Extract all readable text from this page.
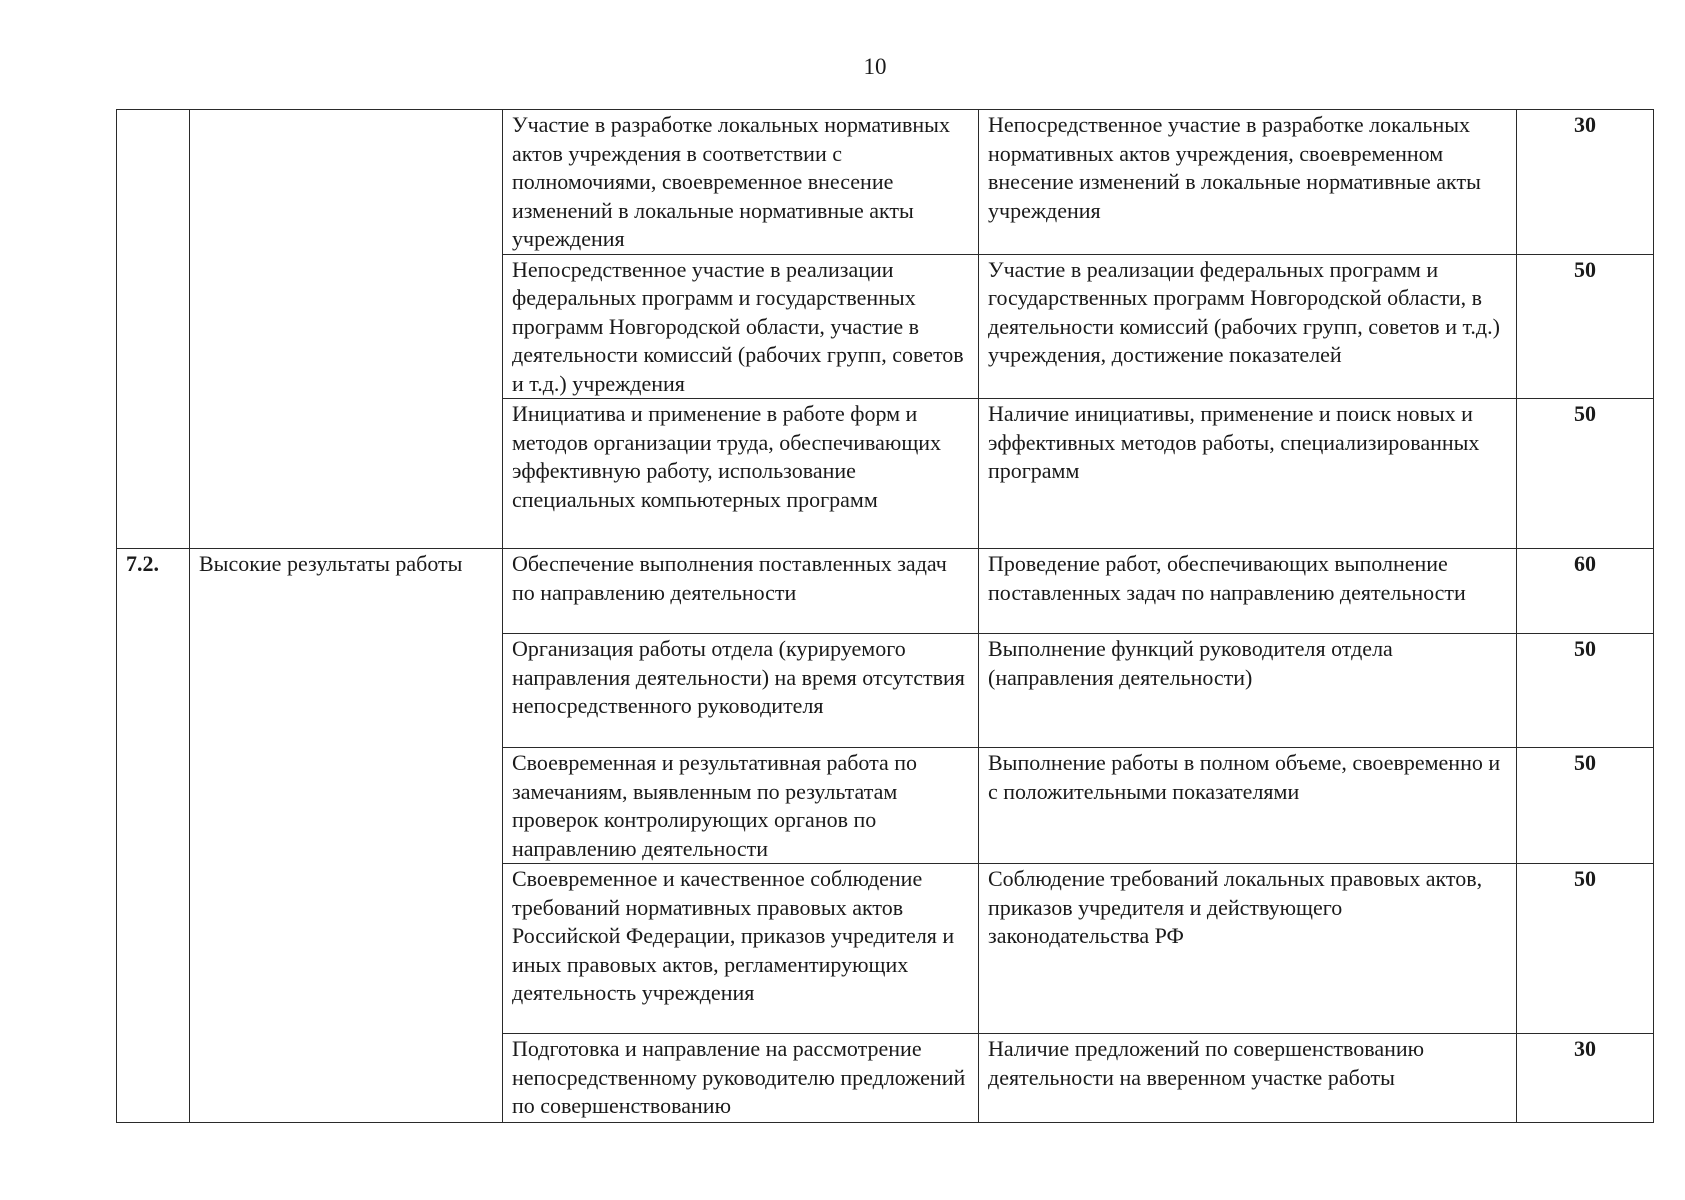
10
		Участие в разработке локальных нормативных актов учреждения в соответствии с полномочиями, своевременное внесение изменений в локальные нормативные акты учреждения	Непосредственное участие в разработке локальных нормативных актов учреждения, своевременном внесение изменений в локальные нормативные акты учреждения	30
		Непосредственное участие в реализации федеральных программ и государственных программ Новгородской области, участие в деятельности комиссий (рабочих групп, советов и т.д.) учреждения	Участие в реализации федеральных программ и государственных программ Новгородской области, в деятельности комиссий (рабочих групп, советов и т.д.) учреждения, достижение показателей	50
		Инициатива и применение в работе форм и методов организации труда, обеспечивающих эффективную работу, использование специальных компьютерных программ	Наличие инициативы, применение и поиск новых и эффективных методов работы, специализированных программ	50
7.2.	Высокие результаты работы	Обеспечение выполнения поставленных задач по направлению деятельности	Проведение работ, обеспечивающих выполнение поставленных задач по направлению деятельности	60
		Организация работы отдела (курируемого направления деятельности) на время отсутствия непосредственного руководителя	Выполнение функций руководителя отдела (направления деятельности)	50
		Своевременная и результативная работа по замечаниям, выявленным по результатам проверок контролирующих органов по направлению деятельности	Выполнение работы в полном объеме, своевременно и с положительными показателями	50
		Своевременное и качественное соблюдение требований нормативных правовых актов Российской Федерации, приказов учредителя и иных правовых актов, регламентирующих деятельность учреждения	Соблюдение требований локальных правовых актов, приказов учредителя и действующего законодательства РФ	50
		Подготовка и направление на рассмотрение непосредственному руководителю предложений по совершенствованию	Наличие предложений по совершенствованию деятельности на вверенном участке работы	30
